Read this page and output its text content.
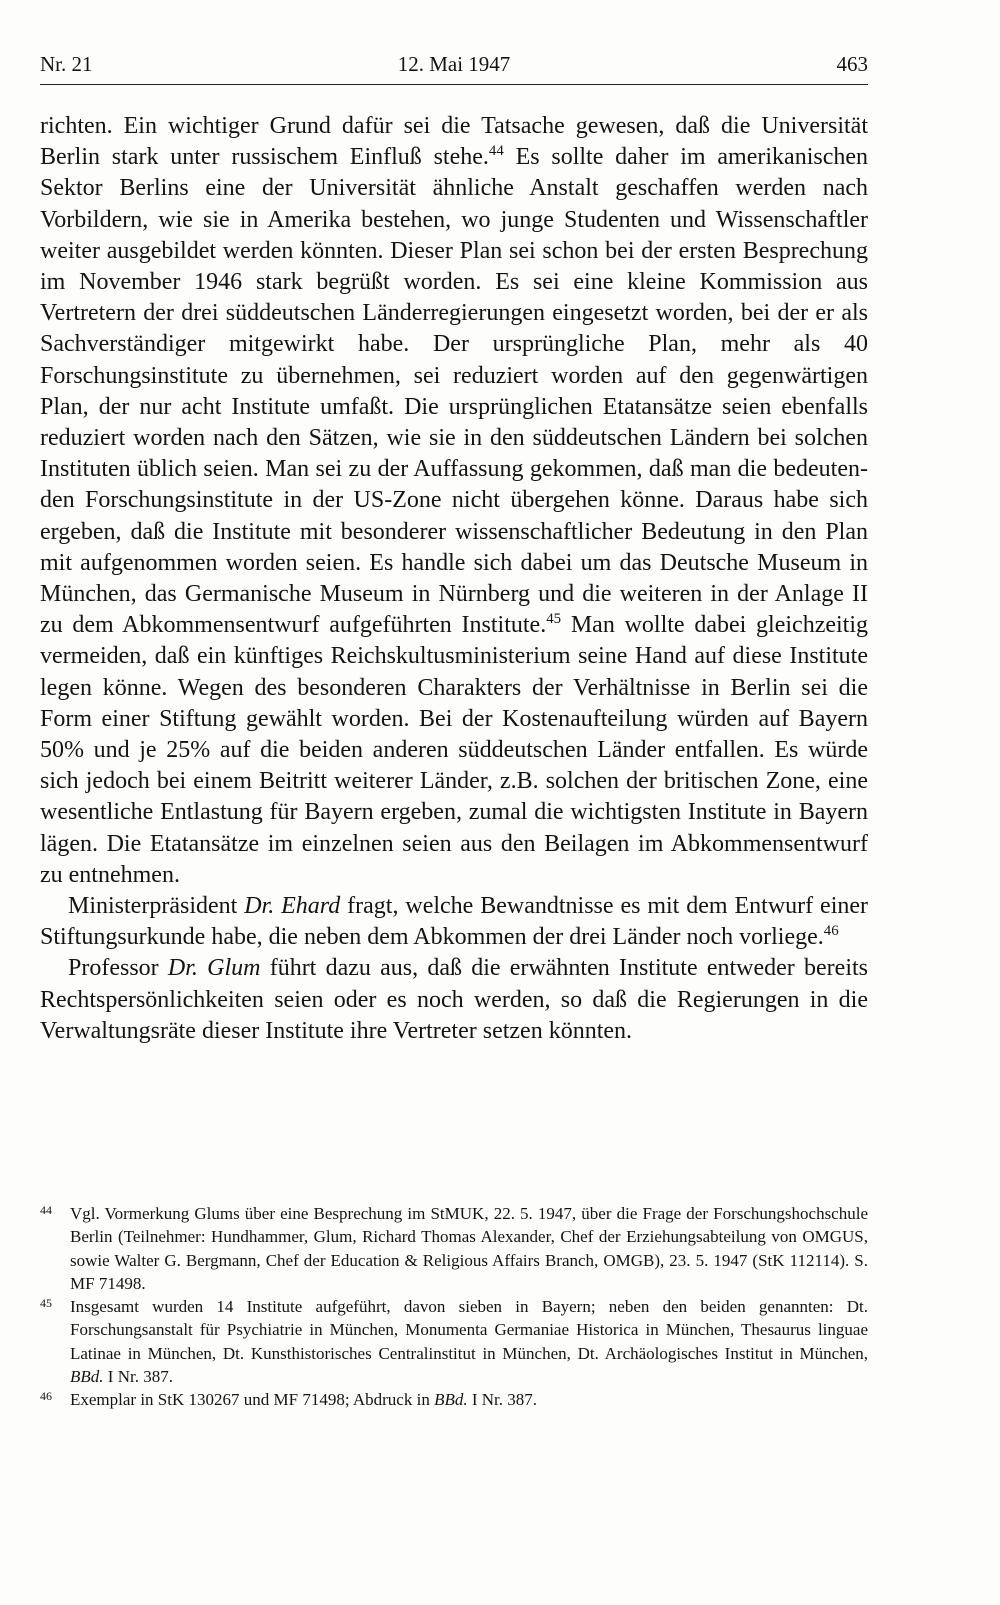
Nr. 21	12. Mai 1947	463

richten. Ein wichtiger Grund dafür sei die Tatsache gewesen, daß die Universität Berlin stark unter russischem Einfluß stehe.$^{44}$ Es sollte daher im amerikanischen Sektor Berlins eine der Universität ähnliche Anstalt geschaffen werden nach Vorbildern, wie sie in Amerika bestehen, wo junge Studenten und Wissenschaftler weiter ausgebildet werden könnten. Dieser Plan sei schon bei der ersten Besprechung im November 1946 stark begrüßt worden. Es sei eine kleine Kommission aus Vertretern der drei süddeutschen Länderregierungen eingesetzt worden, bei der er als Sachverständiger mitgewirkt habe. Der ursprüngliche Plan, mehr als 40 Forschungsinstitute zu übernehmen, sei reduziert worden auf den gegenwärtigen Plan, der nur acht Institute umfaßt. Die ursprünglichen Etatansätze seien ebenfalls reduziert worden nach den Sätzen, wie sie in den süddeutschen Ländern bei solchen Instituten üblich seien. Man sei zu der Auffassung gekommen, daß man die bedeutenden Forschungsinstitute in der US-Zone nicht übergehen könne. Daraus habe sich ergeben, daß die Institute mit besonderer wissenschaftlicher Bedeutung in den Plan mit aufgenommen worden seien. Es handle sich dabei um das Deutsche Museum in München, das Germanische Museum in Nürnberg und die weiteren in der Anlage II zu dem Abkommensentwurf aufgeführten Institute.$^{45}$ Man wollte dabei gleichzeitig vermeiden, daß ein künftiges Reichskultusministerium seine Hand auf diese Institute legen könne. Wegen des besonderen Charakters der Verhältnisse in Berlin sei die Form einer Stiftung gewählt worden. Bei der Kostenaufteilung würden auf Bayern 50% und je 25% auf die beiden anderen süddeutschen Länder entfallen. Es würde sich jedoch bei einem Beitritt weiterer Länder, z.B. solchen der britischen Zone, eine wesentliche Entlastung für Bayern ergeben, zumal die wichtigsten Institute in Bayern lägen. Die Etatansätze im einzelnen seien aus den Beilagen im Abkommensentwurf zu entnehmen.

Ministerpräsident Dr. Ehard fragt, welche Bewandtnisse es mit dem Entwurf einer Stiftungsurkunde habe, die neben dem Abkommen der drei Länder noch vorliege.$^{46}$

Professor Dr. Glum führt dazu aus, daß die erwähnten Institute entweder bereits Rechtspersönlichkeiten seien oder es noch werden, so daß die Regierungen in die Verwaltungsräte dieser Institute ihre Vertreter setzen könnten.

44 Vgl. Vormerkung Glums über eine Besprechung im StMUK, 22. 5. 1947, über die Frage der Forschungshochschule Berlin (Teilnehmer: Hundhammer, Glum, Richard Thomas Alexander, Chef der Erziehungsabteilung von OMGUS, sowie Walter G. Bergmann, Chef der Education & Religious Affairs Branch, OMGB), 23. 5. 1947 (StK 112114). S. MF 71498.
45 Insgesamt wurden 14 Institute aufgeführt, davon sieben in Bayern; neben den beiden genannten: Dt. Forschungsanstalt für Psychiatrie in München, Monumenta Germaniae Historica in München, Thesaurus linguae Latinae in München, Dt. Kunsthistorisches Centralinstitut in München, Dt. Archäologisches Institut in München, BBd. I Nr. 387.
46 Exemplar in StK 130267 und MF 71498; Abdruck in BBd. I Nr. 387.
